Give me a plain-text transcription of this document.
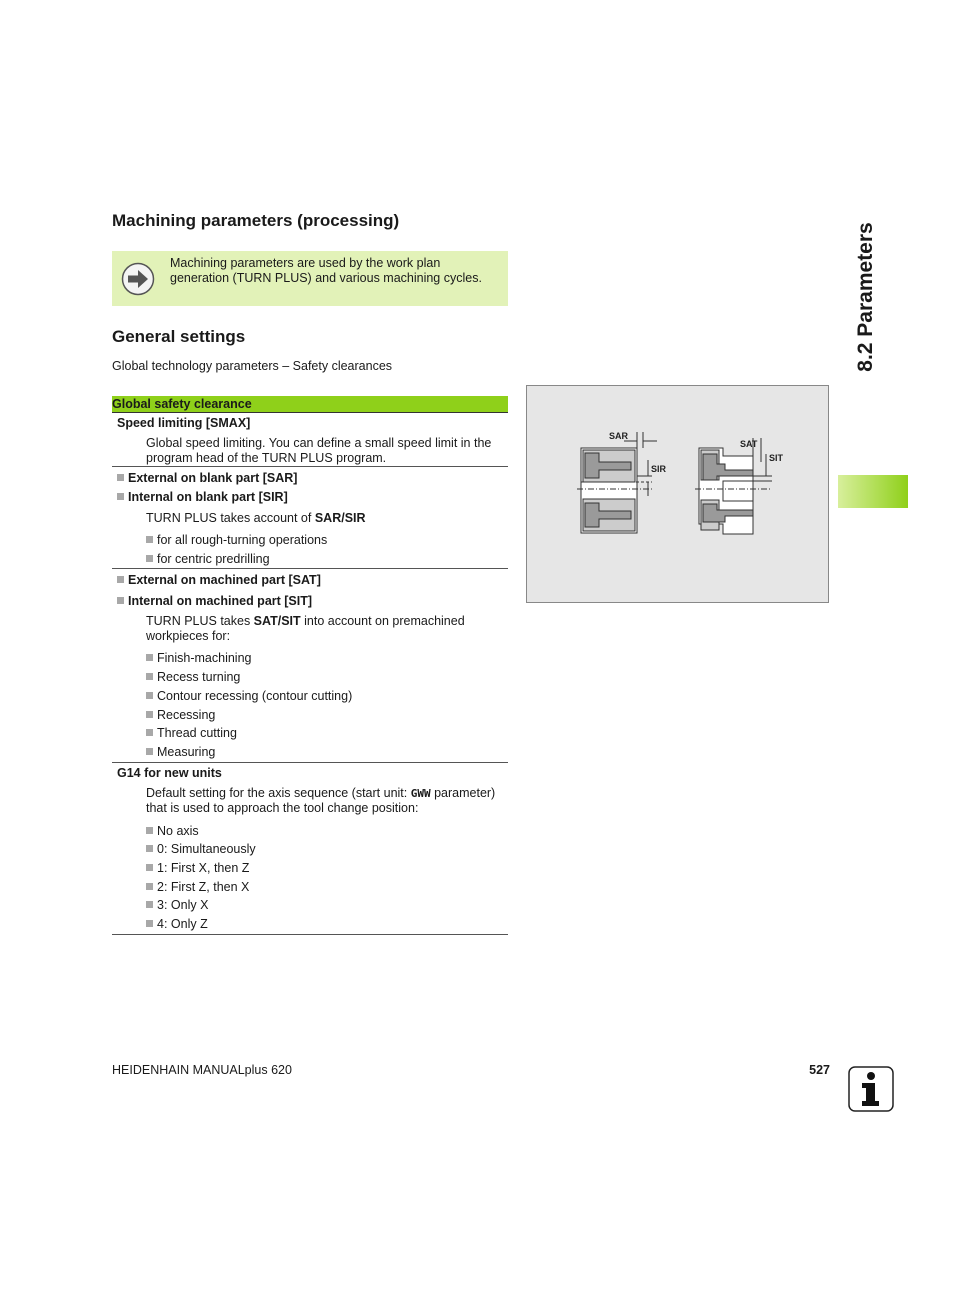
Machining parameters (processing)
Machining parameters are used by the work plan generation (TURN PLUS) and various machining cycles.
General settings
Global technology parameters – Safety clearances
Global safety clearance

Speed limiting [SMAX]
Global speed limiting. You can define a small speed limit in the program head of the TURN PLUS program.

External on blank part [SAR]
Internal on blank part [SIR]
TURN PLUS takes account of SAR/SIR
for all rough-turning operations
for centric predrilling

External on machined part [SAT]
Internal on machined part [SIT]
TURN PLUS takes SAT/SIT into account on premachined workpieces for:
Finish-machining
Recess turning
Contour recessing (contour cutting)
Recessing
Thread cutting
Measuring

G14 for new units
Default setting for the axis sequence (start unit: GWW parameter) that is used to approach the tool change position:
No axis
0: Simultaneously
1: First X, then Z
2: First Z, then X
3: Only X
4: Only Z
SAR
SIR
SAT
SIT
8.2 Parameters
HEIDENHAIN MANUALplus 620	527
